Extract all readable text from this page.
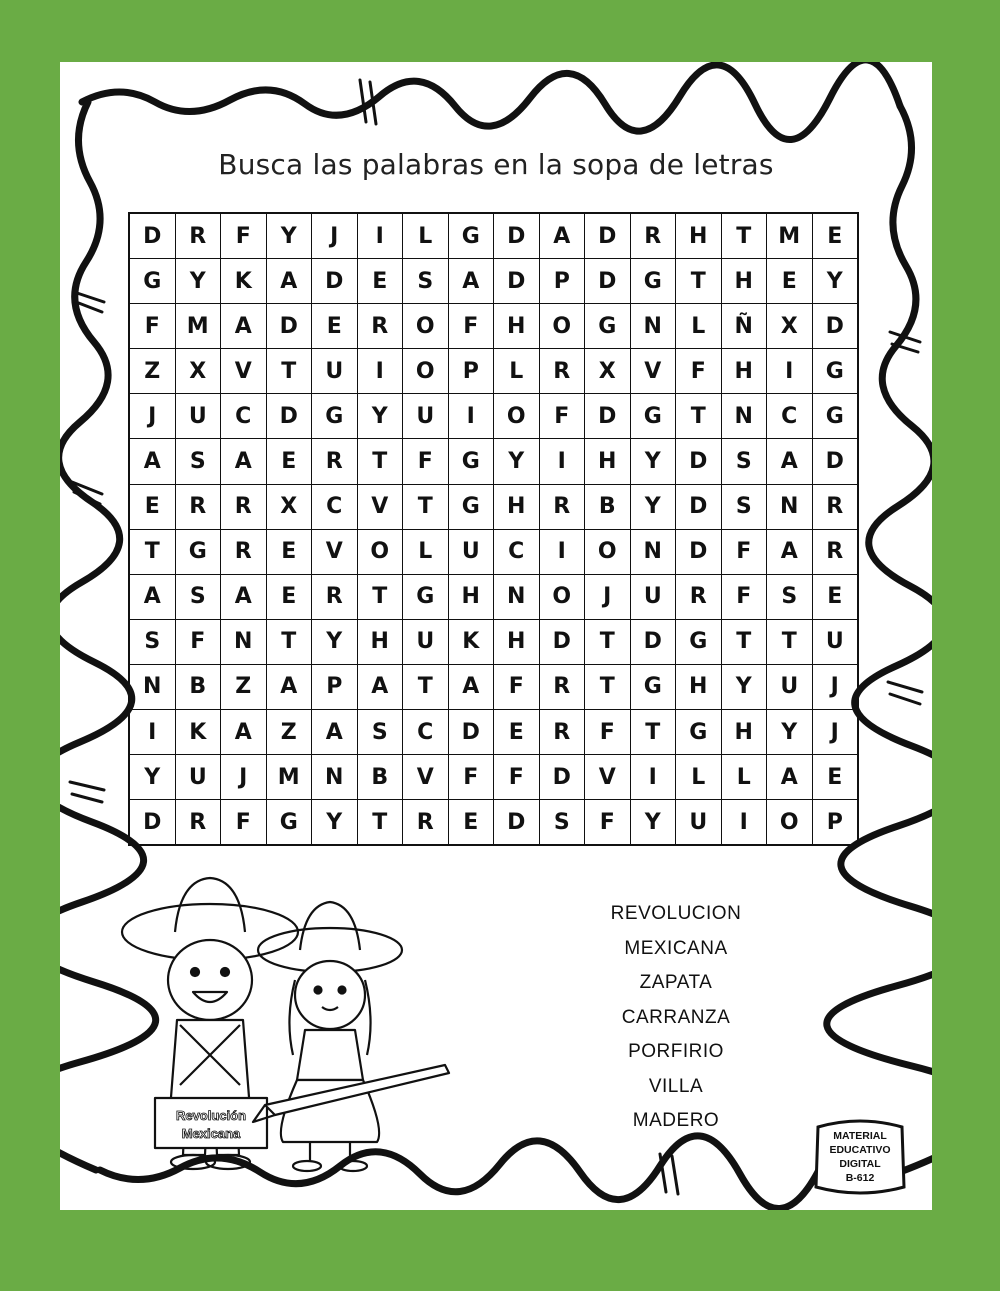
Busca las palabras en la sopa de letras
D	R	F	Y	J	I	L	G	D	A	D	R	H	T	M	E
G	Y	K	A	D	E	S	A	D	P	D	G	T	H	E	Y
F	M	A	D	E	R	O	F	H	O	G	N	L	Ñ	X	D
Z	X	V	T	U	I	O	P	L	R	X	V	F	H	I	G
J	U	C	D	G	Y	U	I	O	F	D	G	T	N	C	G
A	S	A	E	R	T	F	G	Y	I	H	Y	D	S	A	D
E	R	R	X	C	V	T	G	H	R	B	Y	D	S	N	R
T	G	R	E	V	O	L	U	C	I	O	N	D	F	A	R
A	S	A	E	R	T	G	H	N	O	J	U	R	F	S	E
S	F	N	T	Y	H	U	K	H	D	T	D	G	T	T	U
N	B	Z	A	P	A	T	A	F	R	T	G	H	Y	U	J
I	K	A	Z	A	S	C	D	E	R	F	T	G	H	Y	J
Y	U	J	M	N	B	V	F	F	D	V	I	L	L	A	E
D	R	F	G	Y	T	R	E	D	S	F	Y	U	I	O	P
Revolución
Mexicana
REVOLUCION
MEXICANA
ZAPATA
CARRANZA
PORFIRIO
VILLA
MADERO
MATERIAL
EDUCATIVO
DIGITAL
B-612
